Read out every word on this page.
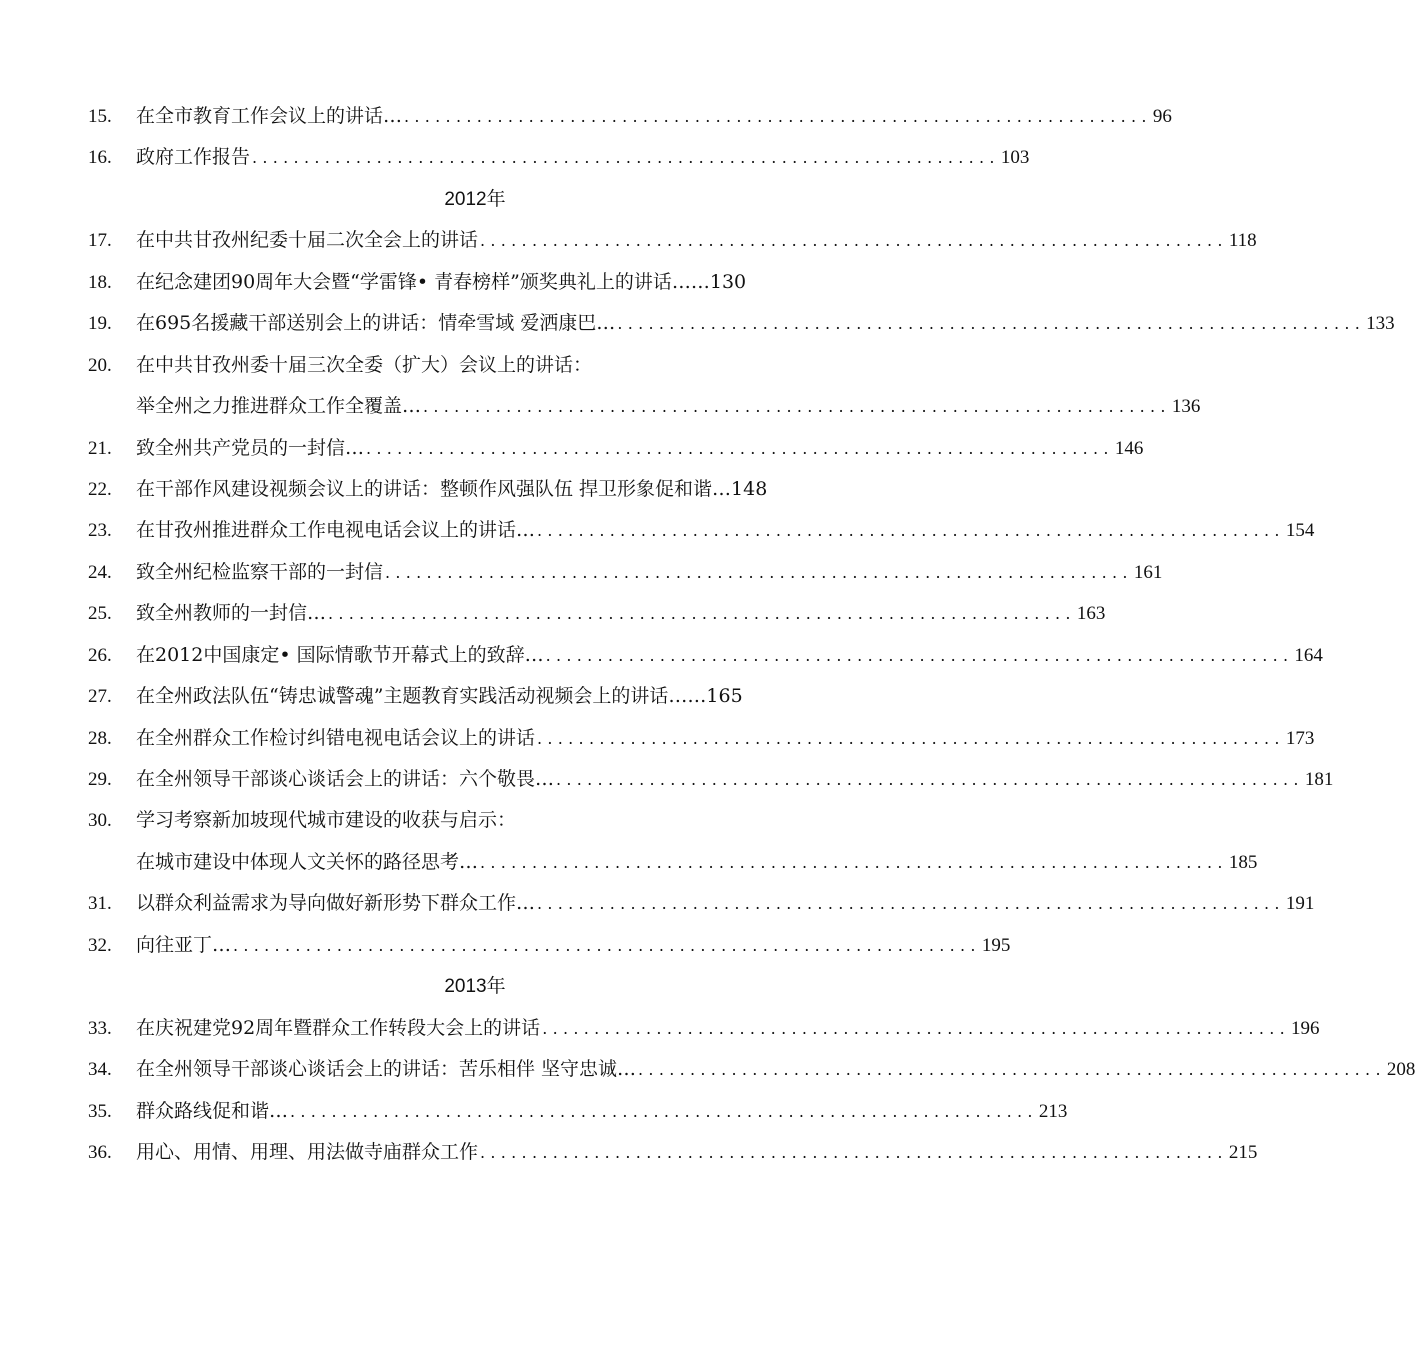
15.	在全市教育工作会议上的讲话… ........................................................................ 96
16.	政府工作报告 ........................................................................ 103
2012年
17.	在中共甘孜州纪委十届二次全会上的讲话 ........................................................................ 118
18.	在纪念建团90周年大会暨“学雷锋• 青春榜样”颁奖典礼上的讲话……130
19.	在695名援藏干部送别会上的讲话：情牵雪域 爱洒康巴… ........................................................................ 133
20.	在中共甘孜州委十届三次全委（扩大）会议上的讲话：
举全州之力推进群众工作全覆盖… ........................................................................ 136
21.	致全州共产党员的一封信… ........................................................................ 146
22.	在干部作风建设视频会议上的讲话：整顿作风强队伍 捍卫形象促和谐…148
23.	在甘孜州推进群众工作电视电话会议上的讲话… ........................................................................ 154
24.	致全州纪检监察干部的一封信 ........................................................................ 161
25.	致全州教师的一封信… ........................................................................ 163
26.	在2012中国康定• 国际情歌节开幕式上的致辞… ........................................................................ 164
27.	在全州政法队伍“铸忠诚警魂”主题教育实践活动视频会上的讲话……165
28.	在全州群众工作检讨纠错电视电话会议上的讲话 ........................................................................ 173
29.	在全州领导干部谈心谈话会上的讲话：六个敬畏… ........................................................................ 181
30.	学习考察新加坡现代城市建设的收获与启示：
在城市建设中体现人文关怀的路径思考… ........................................................................ 185
31.	以群众利益需求为导向做好新形势下群众工作… ........................................................................ 191
32.	向往亚丁… ........................................................................ 195
2013年
33.	在庆祝建党92周年暨群众工作转段大会上的讲话 ........................................................................ 196
34.	在全州领导干部谈心谈话会上的讲话：苦乐相伴 坚守忠诚… ........................................................................ 208
35.	群众路线促和谐… ........................................................................ 213
36.	用心、用情、用理、用法做寺庙群众工作 ........................................................................ 215
